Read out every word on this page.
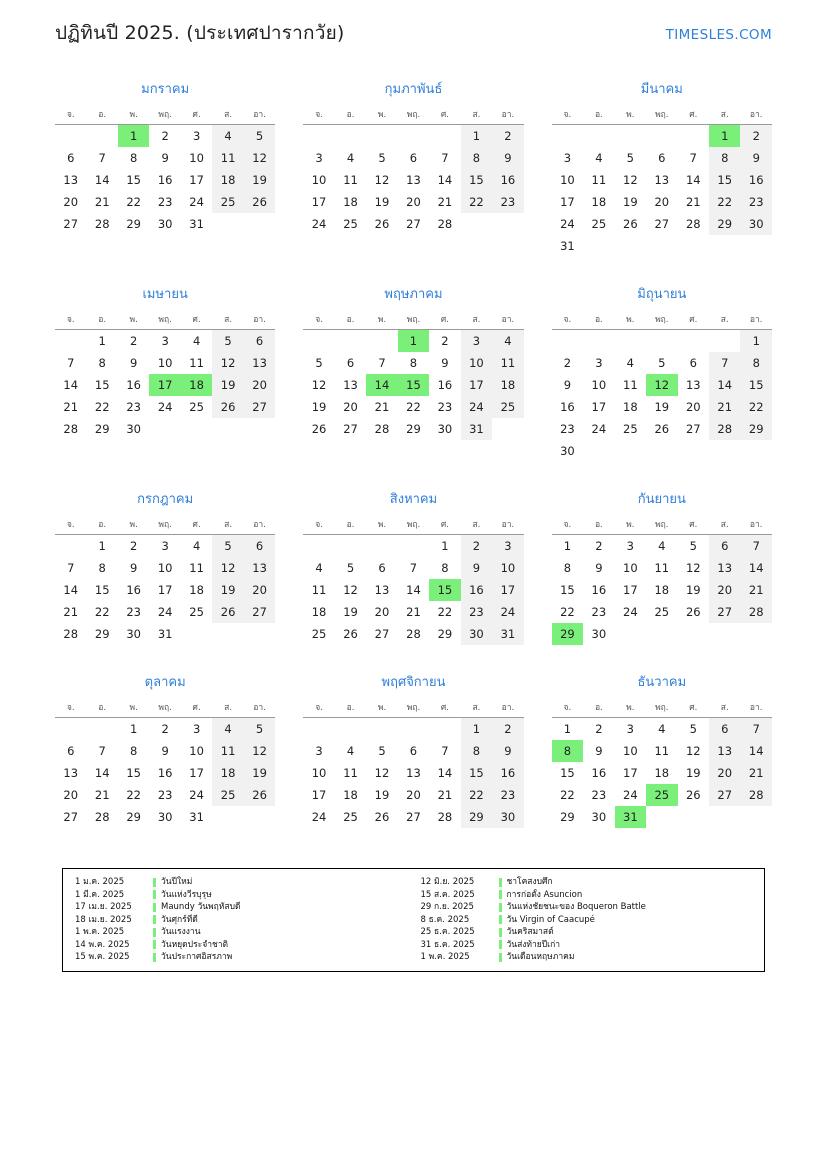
ปฏิทินปี 2025. (ประเทศปารากวัย)	TIMESLES.COM
มกราคม
จ.	อ.	พ.	พฤ.	ศ.	ส.	อา.

		1	2	3	4	5

6	7	8	9	10	11	12

13	14	15	16	17	18	19

20	21	22	23	24	25	26

27	28	29	30	31		

กุมภาพันธ์
จ.	อ.	พ.	พฤ.	ศ.	ส.	อา.

					1	2

3	4	5	6	7	8	9

10	11	12	13	14	15	16

17	18	19	20	21	22	23

24	25	26	27	28		

มีนาคม
จ.	อ.	พ.	พฤ.	ศ.	ส.	อา.

					1	2

3	4	5	6	7	8	9

10	11	12	13	14	15	16

17	18	19	20	21	22	23

24	25	26	27	28	29	30

31						

เมษายน
จ.	อ.	พ.	พฤ.	ศ.	ส.	อา.

	1	2	3	4	5	6

7	8	9	10	11	12	13

14	15	16	17	18	19	20

21	22	23	24	25	26	27

28	29	30				

พฤษภาคม
จ.	อ.	พ.	พฤ.	ศ.	ส.	อา.

			1	2	3	4

5	6	7	8	9	10	11

12	13	14	15	16	17	18

19	20	21	22	23	24	25

26	27	28	29	30	31	

มิถุนายน
จ.	อ.	พ.	พฤ.	ศ.	ส.	อา.

						1

2	3	4	5	6	7	8

9	10	11	12	13	14	15

16	17	18	19	20	21	22

23	24	25	26	27	28	29

30						

กรกฎาคม
จ.	อ.	พ.	พฤ.	ศ.	ส.	อา.

	1	2	3	4	5	6

7	8	9	10	11	12	13

14	15	16	17	18	19	20

21	22	23	24	25	26	27

28	29	30	31			

สิงหาคม
จ.	อ.	พ.	พฤ.	ศ.	ส.	อา.

				1	2	3

4	5	6	7	8	9	10

11	12	13	14	15	16	17

18	19	20	21	22	23	24

25	26	27	28	29	30	31
กันยายน
จ.	อ.	พ.	พฤ.	ศ.	ส.	อา.

1	2	3	4	5	6	7

8	9	10	11	12	13	14

15	16	17	18	19	20	21

22	23	24	25	26	27	28

29	30					

ตุลาคม
จ.	อ.	พ.	พฤ.	ศ.	ส.	อา.

		1	2	3	4	5

6	7	8	9	10	11	12

13	14	15	16	17	18	19

20	21	22	23	24	25	26

27	28	29	30	31		

พฤศจิกายน
จ.	อ.	พ.	พฤ.	ศ.	ส.	อา.

					1	2

3	4	5	6	7	8	9

10	11	12	13	14	15	16

17	18	19	20	21	22	23

24	25	26	27	28	29	30
ธันวาคม
จ.	อ.	พ.	พฤ.	ศ.	ส.	อา.

1	2	3	4	5	6	7

8	9	10	11	12	13	14

15	16	17	18	19	20	21

22	23	24	25	26	27	28

29	30	31				

1 ม.ค. 2025	วันปีใหม่
1 มี.ค. 2025	วันแห่งวีรบุรุษ
17 เม.ย. 2025	Maundy วันพฤหัสบดี
18 เม.ย. 2025	วันศุกร์ที่ดี
1 พ.ค. 2025	วันแรงงาน
14 พ.ค. 2025	วันหยุดประจำชาติ
15 พ.ค. 2025	วันประกาศอิสรภาพ
12 มิ.ย. 2025	ชาโคสงบศึก
15 ส.ค. 2025	การก่อตั้ง Asuncion
29 ก.ย. 2025	วันแห่งชัยชนะของ Boqueron Battle
8 ธ.ค. 2025	วัน Virgin of Caacupé
25 ธ.ค. 2025	วันคริสมาสต์
31 ธ.ค. 2025	วันส่งท้ายปีเก่า
1 พ.ค. 2025	วันเดือนหฤษภาคม
